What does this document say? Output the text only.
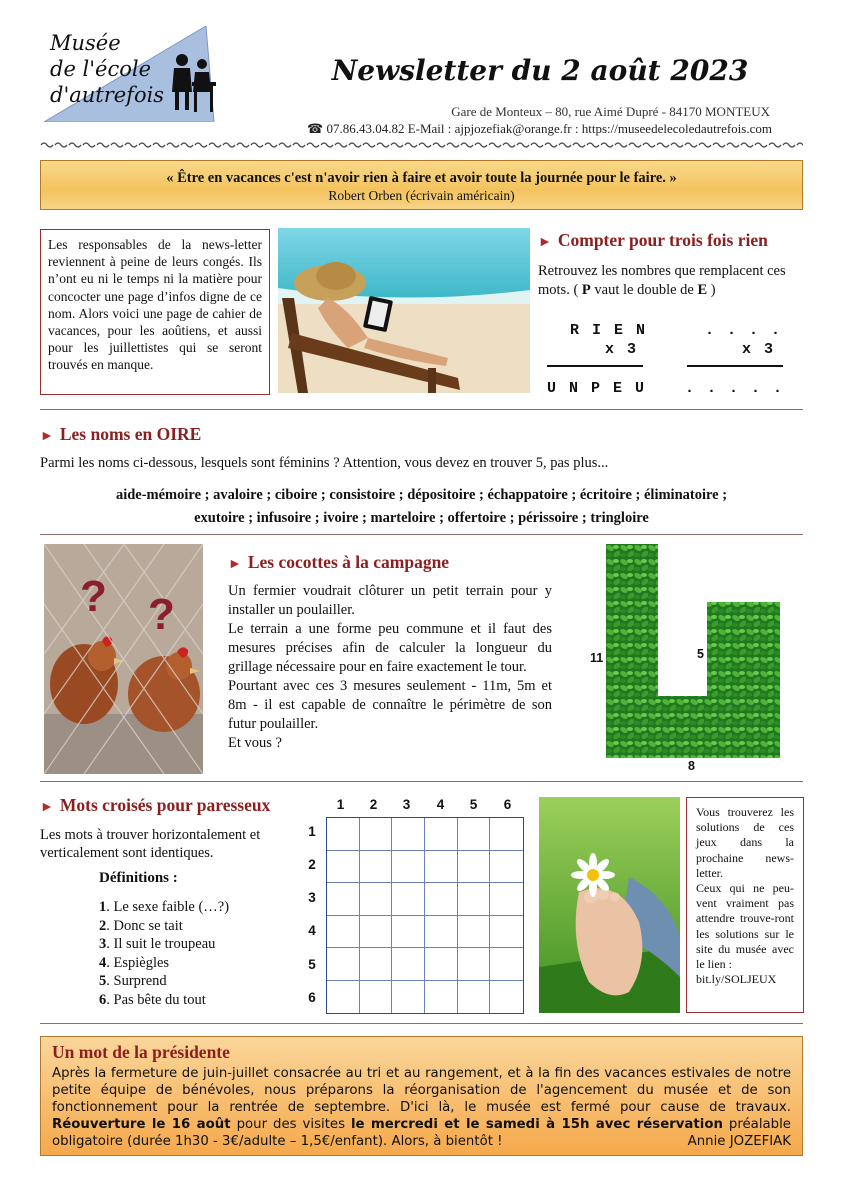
Musée
de l'école
d'autrefois
Newsletter du 2 août 2023
Gare de Monteux – 80, rue Aimé Dupré - 84170 MONTEUX
☎ 07.86.43.04.82 E-Mail : ajpjozefiak@orange.fr : https://museedelecoledautrefois.com
« Être en vacances c'est n'avoir rien à faire et avoir toute la journée pour le faire. »
Robert Orben (écrivain américain)
Les responsables de la news-letter reviennent à peine de leurs congés. Ils n’ont eu ni le temps ni la matière pour concocter une page d’infos digne de ce nom. Alors voici une page de cahier de vacances, pour les aoûtiens, et aussi pour les juillettistes qui se seront trouvés en manque.
► Compter pour trois fois rien
Retrouvez les nombres que remplacent ces mots. ( P vaut le double de E )
R I E N
x 3
U N P E U
. . . .
x 3
. . . . .
► Les noms en OIRE
Parmi les noms ci-dessous, lesquels sont féminins ? Attention, vous devez en trouver 5, pas plus...
aide-mémoire ; avaloire ; ciboire ; consistoire ; dépositoire ; échappatoire ; écritoire ; éliminatoire ;
exutoire ; infusoire ; ivoire ; marteloire ; offertoire ; périssoire ; tringloire
? ?
► Les cocottes à la campagne
Un fermier voudrait clôturer un petit terrain pour y installer un poulailler.
Le terrain a une forme peu commune et il faut des mesures précises afin de calculer la longueur du grillage nécessaire pour en faire exactement le tour.
Pourtant avec ces 3 mesures seulement - 11m, 5m et 8m - il est capable de connaître le périmètre de son futur poulailler.
Et vous ?
11	5
8
► Mots croisés pour paresseux
Les mots à trouver horizontalement et verticalement sont identiques.
Définitions :
1. Le sexe faible (…?)
2. Donc se tait
3. Il suit le troupeau
4. Espiègles
5. Surprend
6. Pas bête du tout
1	2	3	4	5	6
1
2
3
4
5
6
Vous trouverez les solutions de ces jeux dans la prochaine news-letter.
Ceux qui ne peu-vent vraiment pas attendre trouve-ront les solutions sur le site du musée avec le lien :
bit.ly/SOLJEUX
Un mot de la présidente
Après la fermeture de juin-juillet consacrée au tri et au rangement, et à la fin des vacances estivales de notre petite équipe de bénévoles, nous préparons la réorganisation de l'agencement du musée et de son fonctionnement pour la rentrée de septembre. D'ici là, le musée est fermé pour cause de travaux. Réouverture le 16 août pour des visites le mercredi et le samedi à 15h avec réservation préalable obligatoire (durée 1h30 - 3€/adulte – 1,5€/enfant). Alors, à bientôt !	Annie JOZEFIAK
